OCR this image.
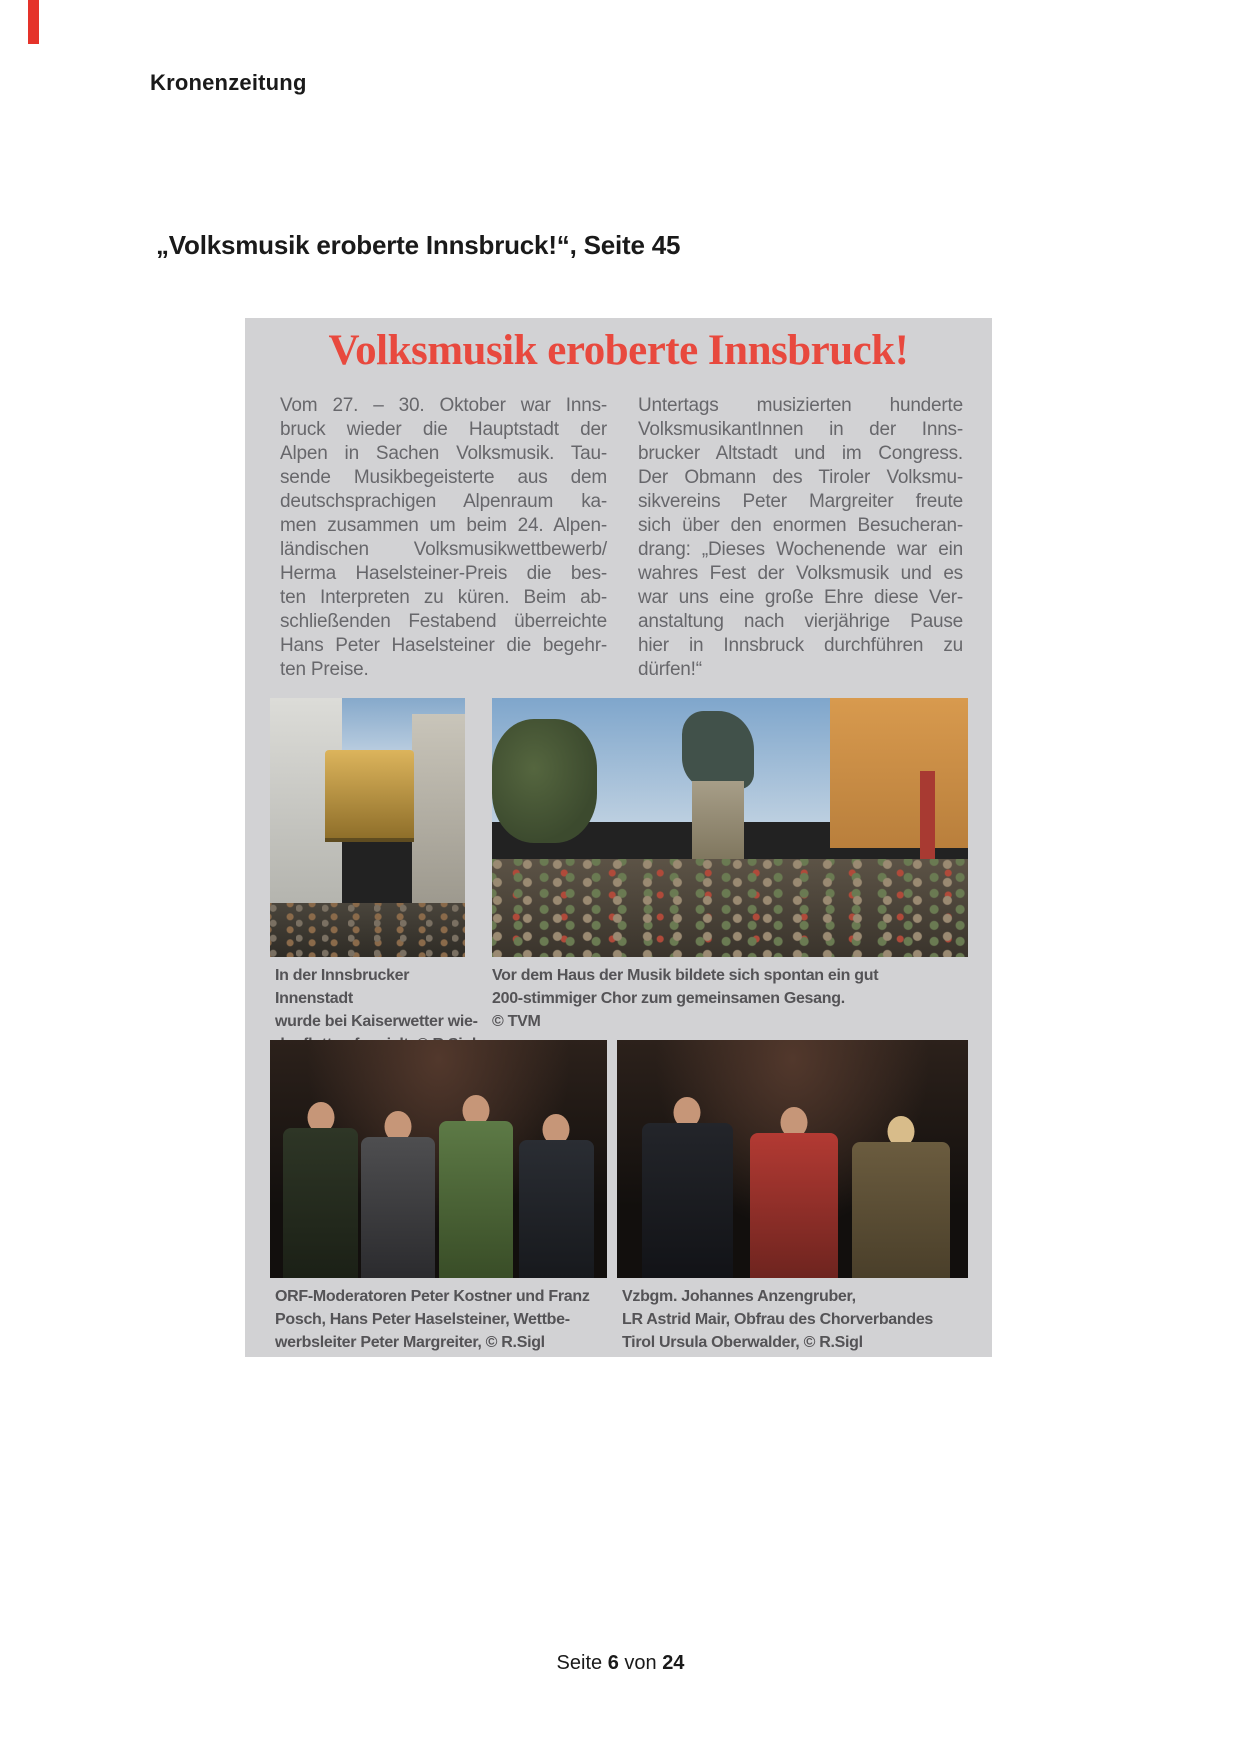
Kronenzeitung
„Volksmusik eroberte Innsbruck!“, Seite 45
Volksmusik eroberte Innsbruck!
Vom 27. – 30. Oktober war Inns-
bruck wieder die Hauptstadt der
Alpen in Sachen Volksmusik. Tau-
sende Musikbegeisterte aus dem
deutschsprachigen Alpenraum ka-
men zusammen um beim 24. Alpen-
ländischen Volksmusikwettbewerb/
Herma Haselsteiner-Preis die bes-
ten Interpreten zu küren. Beim ab-
schließenden Festabend überreichte
Hans Peter Haselsteiner die begehr-
ten Preise.
Untertags musizierten hunderte
VolksmusikantInnen in der Inns-
brucker Altstadt und im Congress.
Der Obmann des Tiroler Volksmu-
sikvereins Peter Margreiter freute
sich über den enormen Besucheran-
drang: „Dieses Wochenende war ein
wahres Fest der Volksmusik und es
war uns eine große Ehre diese Ver-
anstaltung nach vierjährige Pause
hier in Innsbruck durchführen zu
dürfen!“
In der Innsbrucker Innenstadt
wurde bei Kaiserwetter wie-
Vor dem Haus der Musik bildete sich spontan ein gut
200-stimmiger Chor zum gemeinsamen Gesang.
© TVM
ORF-Moderatoren Peter Kostner und Franz
Posch, Hans Peter Haselsteiner, Wettbe-
werbsleiter Peter Margreiter, © R.Sigl
Vzbgm. Johannes Anzengruber,
LR Astrid Mair, Obfrau des Chorverbandes
Tirol Ursula Oberwalder, © R.Sigl
Seite 6 von 24
